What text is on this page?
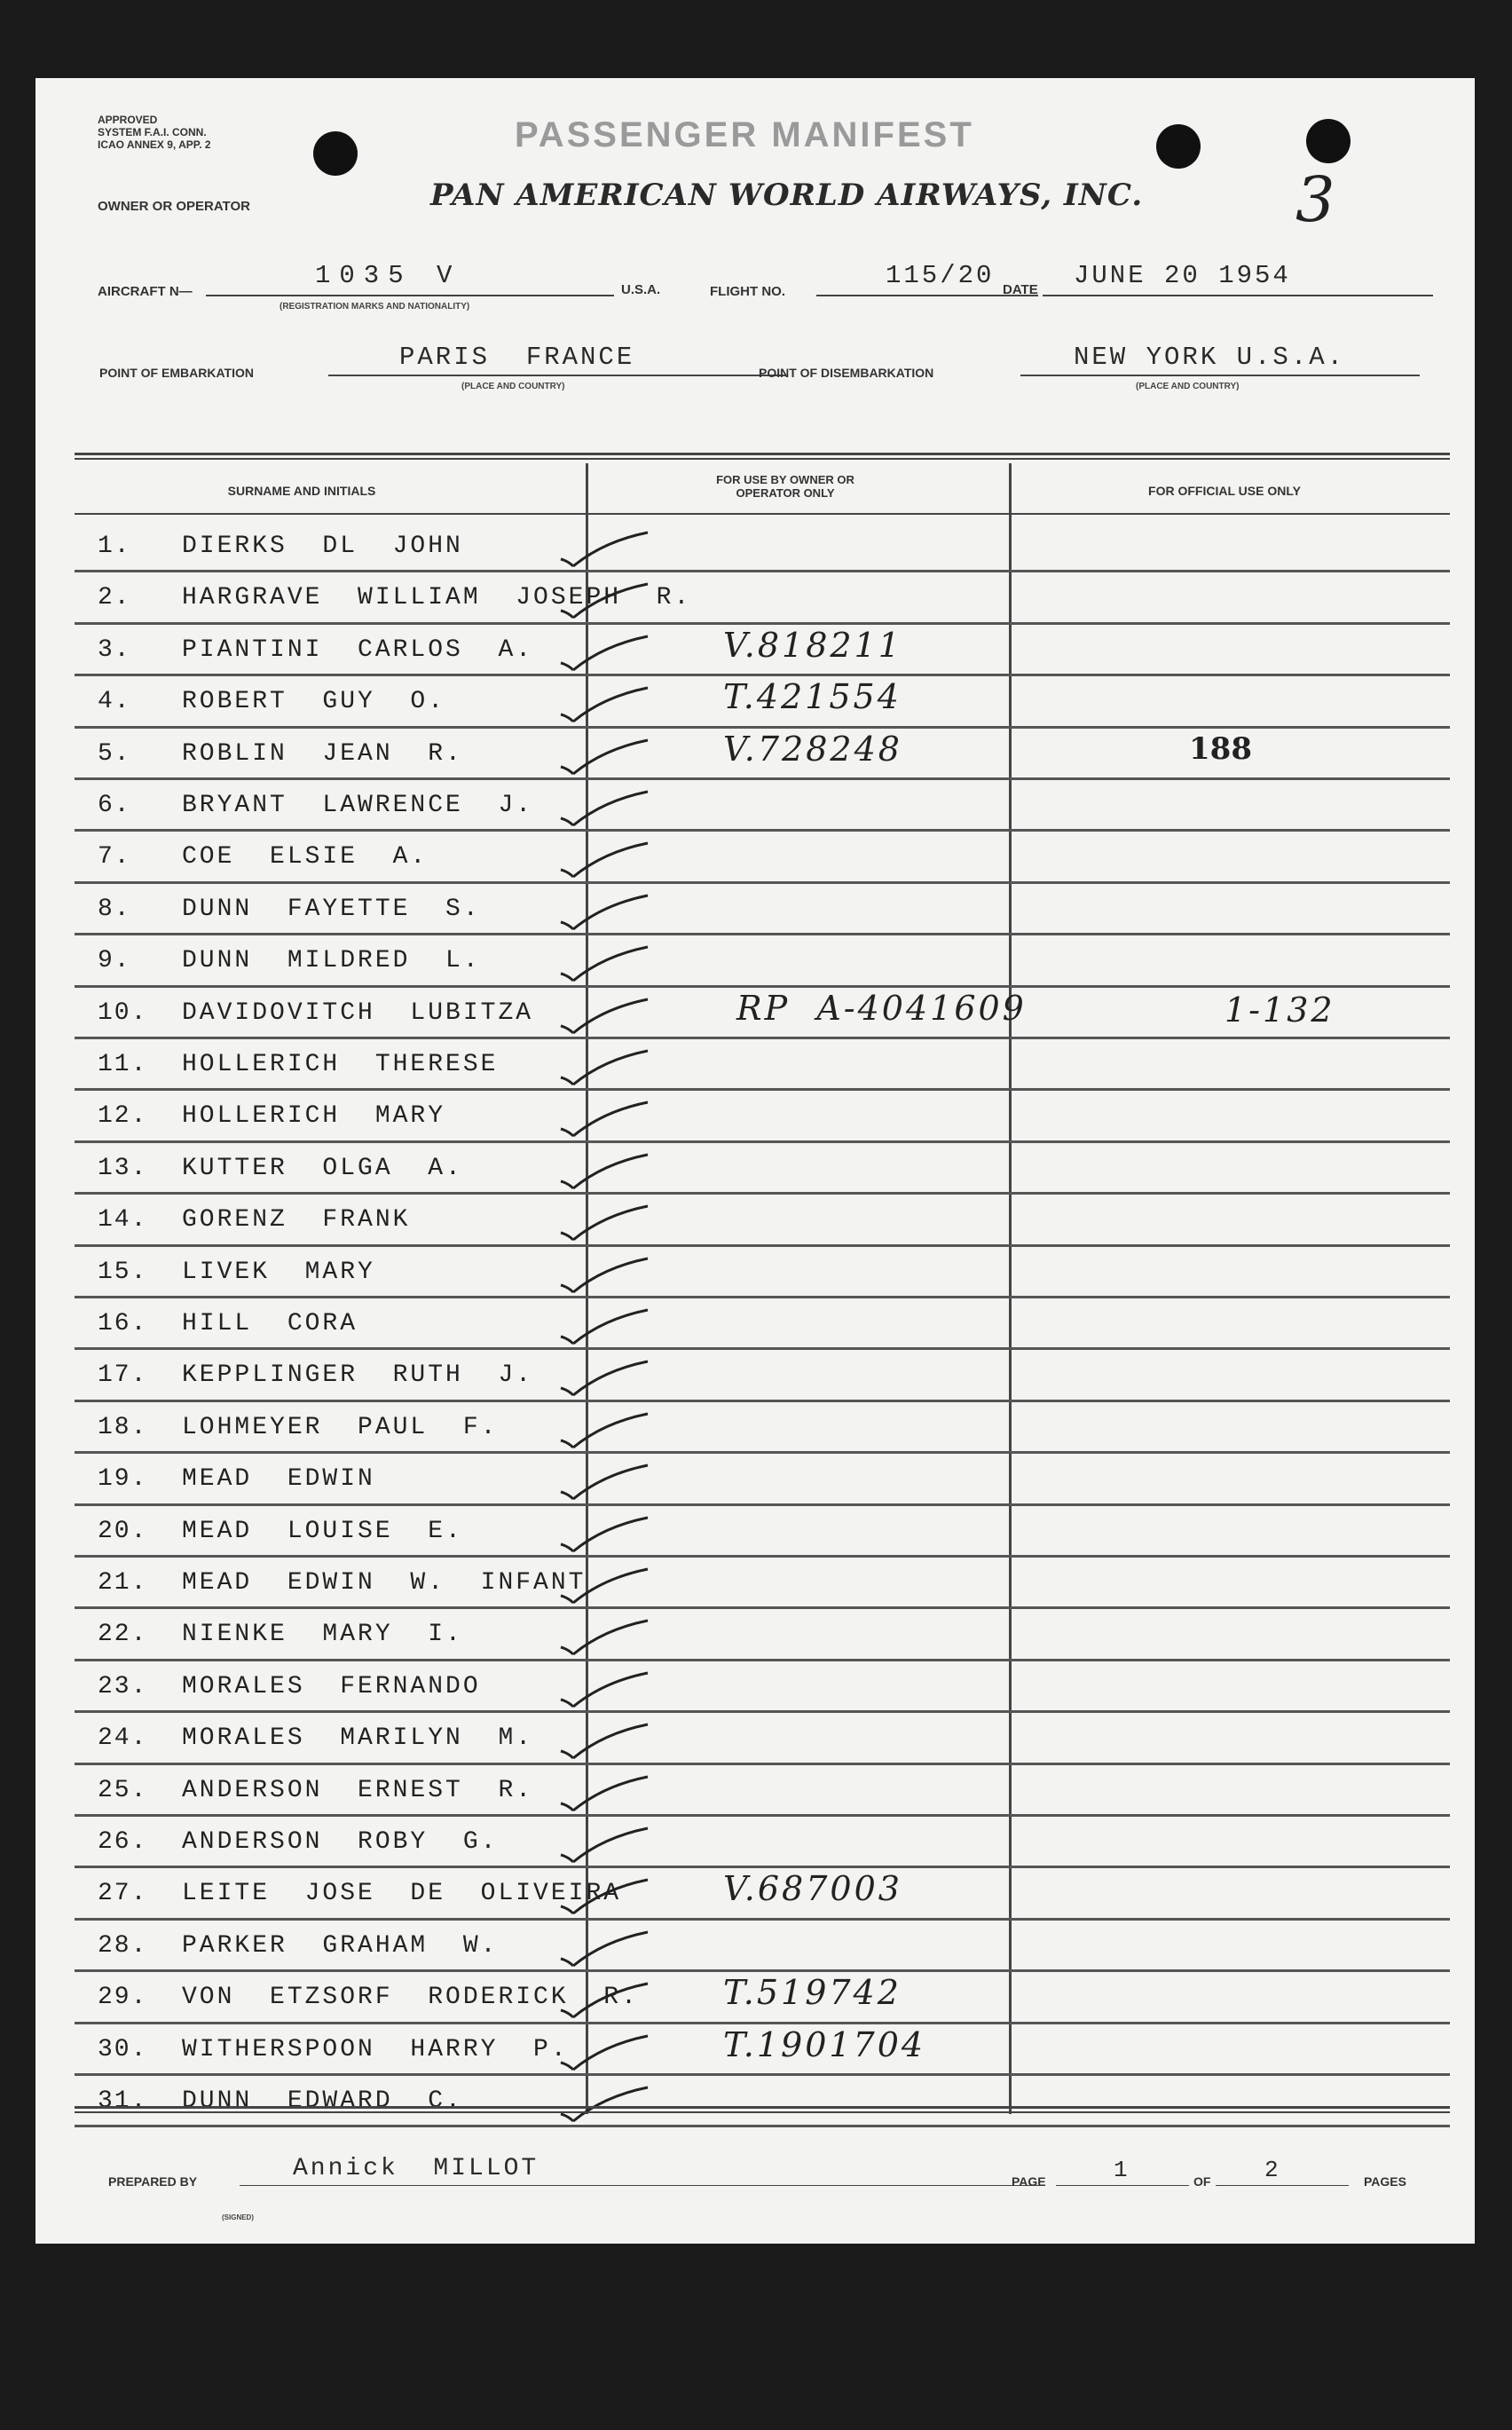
APPROVED
SYSTEM F.A.I. CONN.
ICAO ANNEX 9, APP. 2	PASSENGER MANIFEST
OWNER OR OPERATOR	PAN AMERICAN WORLD AIRWAYS, INC. 3
AIRCRAFT N—
1035 V
(REGISTRATION MARKS AND NATIONALITY)
U.S.A.	FLIGHT NO.
115/20 DATE JUNE 20 1954
POINT OF EMBARKATION
PARIS  FRANCE
(PLACE AND COUNTRY)
POINT OF DISEMBARKATION
NEW YORK U.S.A.
(PLACE AND COUNTRY)
SURNAME AND INITIALS
FOR USE BY OWNER OR OPERATOR ONLY	FOR OFFICIAL USE ONLY
1.	DIERKS  DL  JOHN
2.	HARGRAVE  WILLIAM  JOSEPH  R.
3.	PIANTINI  CARLOS  A.	V.818211
4.	ROBERT  GUY  O.	T.421554
5.	ROBLIN  JEAN  R.	V.728248	188
6.	BRYANT  LAWRENCE  J.
7.	COE  ELSIE  A.
8.	DUNN  FAYETTE  S.
9.	DUNN  MILDRED  L.
10.	DAVIDOVITCH  LUBITZA	RP  A-4041609	1-132
11.	HOLLERICH  THERESE
12.	HOLLERICH  MARY
13.	KUTTER  OLGA  A.
14.	GORENZ  FRANK
15.	LIVEK  MARY
16.	HILL  CORA
17.	KEPPLINGER  RUTH  J.
18.	LOHMEYER  PAUL  F.
19.	MEAD  EDWIN
20.	MEAD  LOUISE  E.
21.	MEAD  EDWIN  W.  INFANT
22.	NIENKE  MARY  I.
23.	MORALES  FERNANDO
24.	MORALES  MARILYN  M.
25.	ANDERSON  ERNEST  R.
26.	ANDERSON  ROBY  G.
27.	LEITE  JOSE  DE  OLIVEIRA	V.687003
28.	PARKER  GRAHAM  W.
29.	VON  ETZSORF  RODERICK  R.	T.519742
30.	WITHERSPOON  HARRY  P.	T.1901704
31.	DUNN  EDWARD  C.
PREPARED BY	Annick  MILLOT
(SIGNED)
PAGE	1	OF 2	PAGES
